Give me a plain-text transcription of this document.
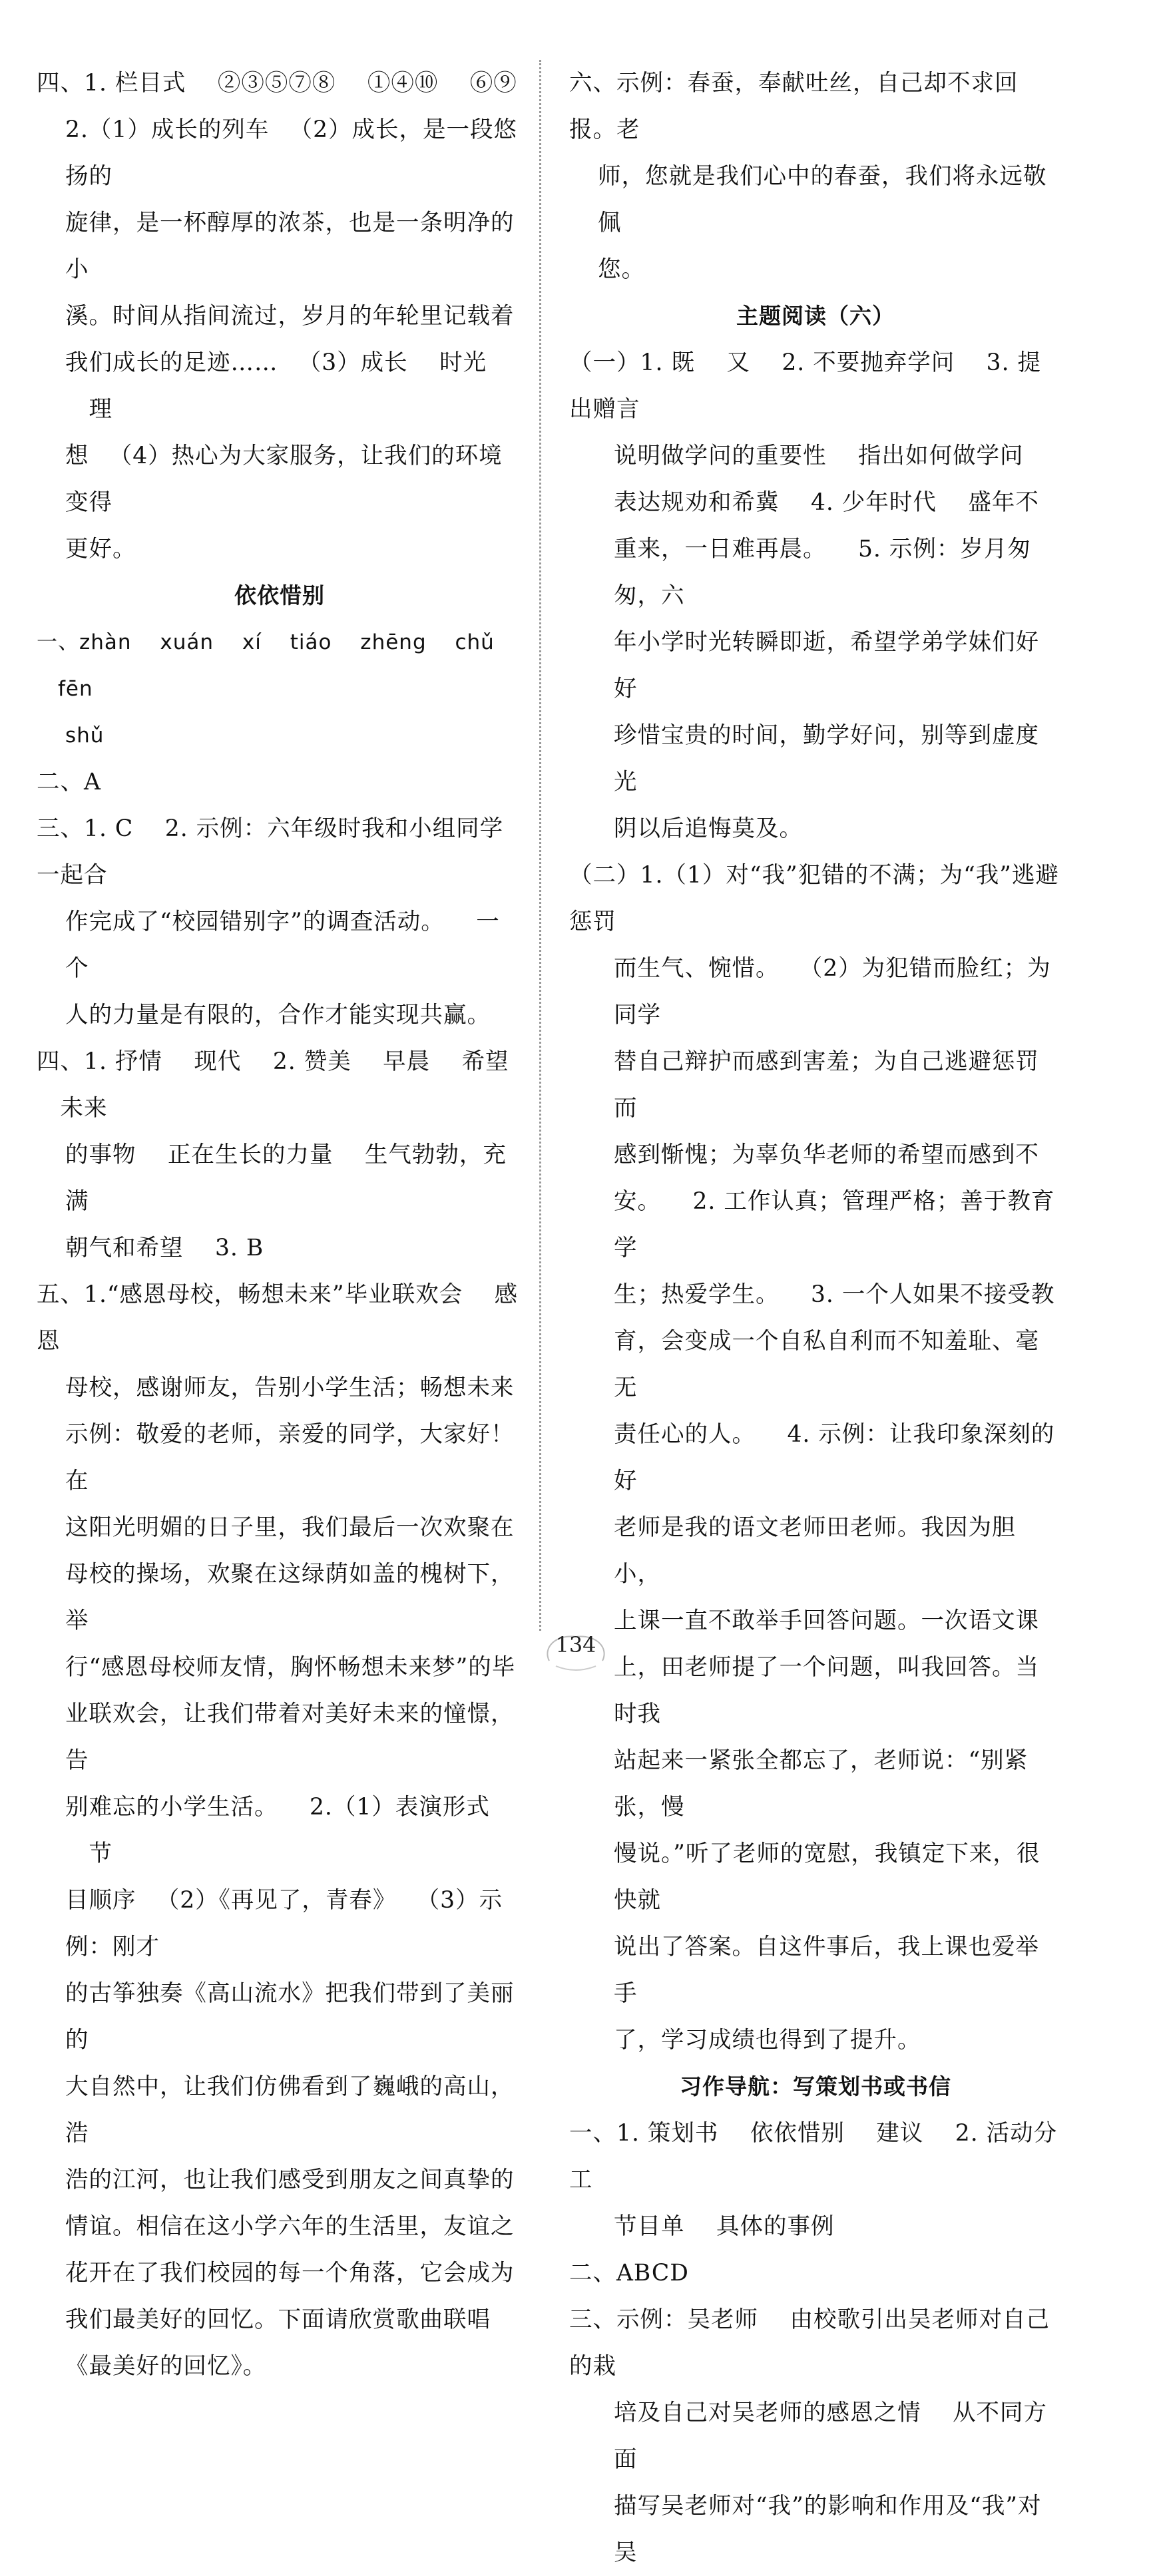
四、1. 栏目式　 ②③⑤⑦⑧ 　①④⑩ 　⑥⑨

2.（1）成长的列车 　（2）成长，是一段悠扬的

旋律，是一杯醇厚的浓茶，也是一条明净的小

溪。时间从指间流过，岁月的年轮里记载着

我们成长的足迹…… 　（3）成长 　时光 　理

想 　（4）热心为大家服务，让我们的环境变得

更好。

依依惜别

一、zhàn 　xuán 　xí 　tiáo 　zhēng 　chǔ 　fēn

shǔ

二、A

三、1. C 　2. 示例：六年级时我和小组同学一起合

作完成了“校园错别字”的调查活动。 　一个

人的力量是有限的，合作才能实现共赢。

四、1. 抒情 　现代 　2. 赞美 　早晨 　希望 　未来

的事物 　正在生长的力量 　生气勃勃，充满

朝气和希望 　3. B

五、1.“感恩母校，畅想未来”毕业联欢会 　感恩

母校，感谢师友，告别小学生活；畅想未来

示例：敬爱的老师，亲爱的同学，大家好！在

这阳光明媚的日子里，我们最后一次欢聚在

母校的操场，欢聚在这绿荫如盖的槐树下，举

行“感恩母校师友情，胸怀畅想未来梦”的毕

业联欢会，让我们带着对美好未来的憧憬，告

别难忘的小学生活。 　2.（1）表演形式 　节

目顺序 　（2）《再见了，青春》 　（3）示例：刚才

的古筝独奏《高山流水》把我们带到了美丽的

大自然中，让我们仿佛看到了巍峨的高山，浩

浩的江河，也让我们感受到朋友之间真挚的

情谊。相信在这小学六年的生活里，友谊之

花开在了我们校园的每一个角落，它会成为

我们最美好的回忆。下面请欣赏歌曲联唱

《最美好的回忆》。

六、示例：春蚕，奉献吐丝，自己却不求回报。老

师，您就是我们心中的春蚕，我们将永远敬佩

您。

主题阅读（六）

（一）1. 既 　又 　2. 不要抛弃学问 　3. 提出赠言

说明做学问的重要性 　指出如何做学问

表达规劝和希冀 　4. 少年时代 　盛年不

重来，一日难再晨。 　5. 示例：岁月匆匆，六

年小学时光转瞬即逝，希望学弟学妹们好好

珍惜宝贵的时间，勤学好问，别等到虚度光

阴以后追悔莫及。

（二）1.（1）对“我”犯错的不满；为“我”逃避惩罚

而生气、惋惜。 　（2）为犯错而脸红；为同学

替自己辩护而感到害羞；为自己逃避惩罚而

感到惭愧；为辜负华老师的希望而感到不

安。 　2. 工作认真；管理严格；善于教育学

生；热爱学生。 　3. 一个人如果不接受教

育，会变成一个自私自利而不知羞耻、毫无

责任心的人。 　4. 示例：让我印象深刻的好

老师是我的语文老师田老师。我因为胆小，

上课一直不敢举手回答问题。一次语文课

上，田老师提了一个问题，叫我回答。当时我

站起来一紧张全都忘了，老师说：“别紧张，慢

慢说。”听了老师的宽慰，我镇定下来，很快就

说出了答案。自这件事后，我上课也爱举手

了，学习成绩也得到了提升。

习作导航：写策划书或书信

一、1. 策划书 　依依惜别 　建议 　2. 活动分工

节目单 　具体的事例

二、ABCD

三、示例：吴老师 　由校歌引出吴老师对自己的栽

培及自己对吴老师的感恩之情 　从不同方面

描写吴老师对“我”的影响和作用及“我”对吴

134
